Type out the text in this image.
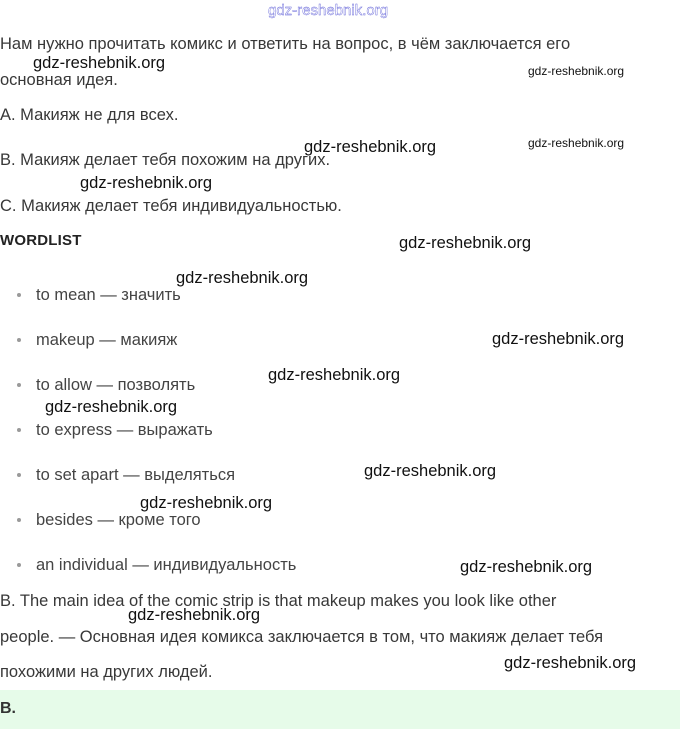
Нам нужно прочитать комикс и ответить на вопрос, в чём заключается его
основная идея.
A. Макияж не для всех.
B. Макияж делает тебя похожим на других.
C. Макияж делает тебя индивидуальностью.
WORDLIST
to mean — значить
makeup — макияж
to allow — позволять
to express — выражать
to set apart — выделяться
besides — кроме того
an individual — индивидуальность
B. The main idea of the comic strip is that makeup makes you look like other
people. — Основная идея комикса заключается в том, что макияж делает тебя
похожими на других людей.
B.
gdz-reshebnik.org
gdz-reshebnik.org	gdz-reshebnik.org
gdz-reshebnik.org	gdz-reshebnik.org
gdz-reshebnik.org
gdz-reshebnik.org
gdz-reshebnik.org
gdz-reshebnik.org
gdz-reshebnik.org
gdz-reshebnik.org
gdz-reshebnik.org
gdz-reshebnik.org
gdz-reshebnik.org
gdz-reshebnik.org
gdz-reshebnik.org
